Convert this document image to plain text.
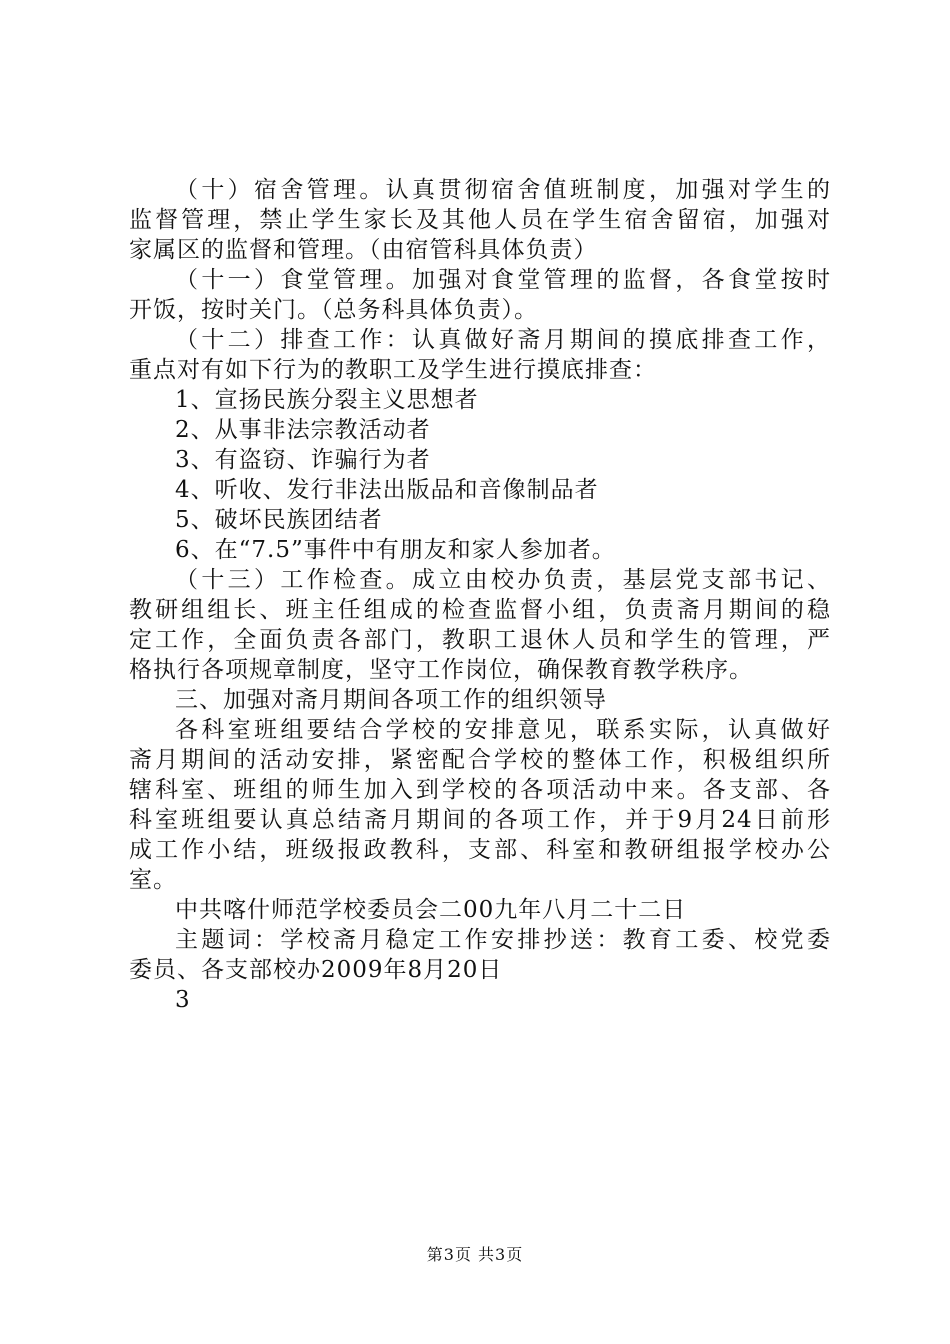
（十）宿舍管理。认真贯彻宿舍值班制度，加强对学生的
监督管理，禁止学生家长及其他人员在学生宿舍留宿，加强对
家属区的监督和管理。（由宿管科具体负责）
（十一）食堂管理。加强对食堂管理的监督，各食堂按时
开饭，按时关门。（总务科具体负责）。
（十二）排查工作：认真做好斋月期间的摸底排查工作，
重点对有如下行为的教职工及学生进行摸底排查：
1、宣扬民族分裂主义思想者
2、从事非法宗教活动者
3、有盗窃、诈骗行为者
4、听收、发行非法出版品和音像制品者
5、破坏民族团结者
6、在“7.5”事件中有朋友和家人参加者。
（十三）工作检查。成立由校办负责，基层党支部书记、
教研组组长、班主任组成的检查监督小组，负责斋月期间的稳
定工作，全面负责各部门，教职工退休人员和学生的管理，严
格执行各项规章制度，坚守工作岗位，确保教育教学秩序。
三、加强对斋月期间各项工作的组织领导
各科室班组要结合学校的安排意见，联系实际，认真做好
斋月期间的活动安排，紧密配合学校的整体工作，积极组织所
辖科室、班组的师生加入到学校的各项活动中来。各支部、各
科室班组要认真总结斋月期间的各项工作，并于9月24日前形
成工作小结，班级报政教科，支部、科室和教研组报学校办公
室。
中共喀什师范学校委员会二00九年八月二十二日
主题词：学校斋月稳定工作安排抄送：教育工委、校党委
委员、各支部校办2009年8月20日
3
第3页 共3页
